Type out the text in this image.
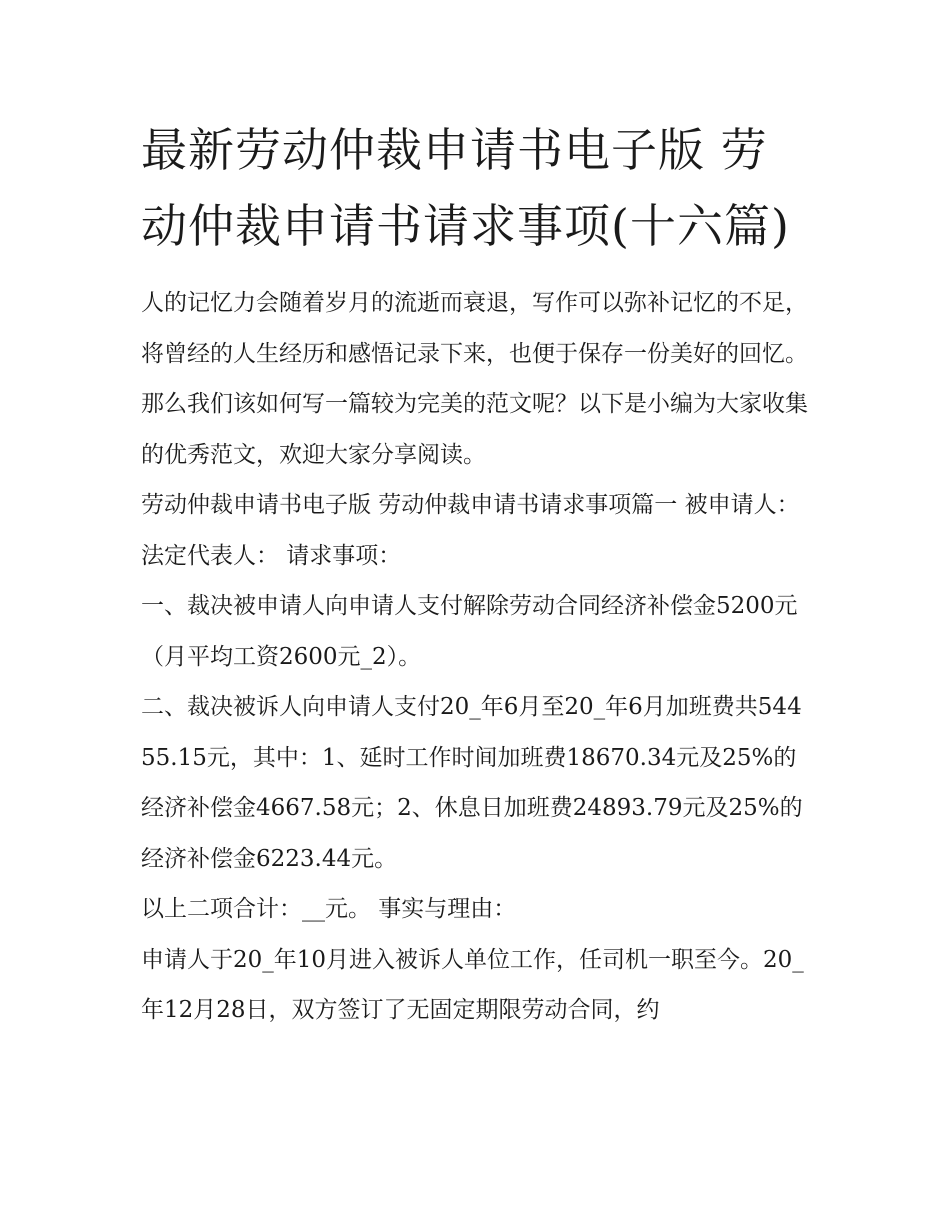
最新劳动仲裁申请书电子版 劳动仲裁申请书请求事项(十六篇)

人的记忆力会随着岁月的流逝而衰退，写作可以弥补记忆的不足，将曾经的人生经历和感悟记录下来，也便于保存一份美好的回忆。那么我们该如何写一篇较为完美的范文呢？以下是小编为大家收集的优秀范文，欢迎大家分享阅读。

劳动仲裁申请书电子版 劳动仲裁申请书请求事项篇一 被申请人： 法定代表人： 请求事项：

一、裁决被申请人向申请人支付解除劳动合同经济补偿金5200元（月平均工资2600元_2）。

二、裁决被诉人向申请人支付20_年6月至20_年6月加班费共54455.15元，其中：1、延时工作时间加班费18670.34元及25%的经济补偿金4667.58元；2、休息日加班费24893.79元及25%的经济补偿金6223.44元。

以上二项合计：__元。 事实与理由：

申请人于20_年10月进入被诉人单位工作，任司机一职至今。20_年12月28日，双方签订了无固定期限劳动合同，约
